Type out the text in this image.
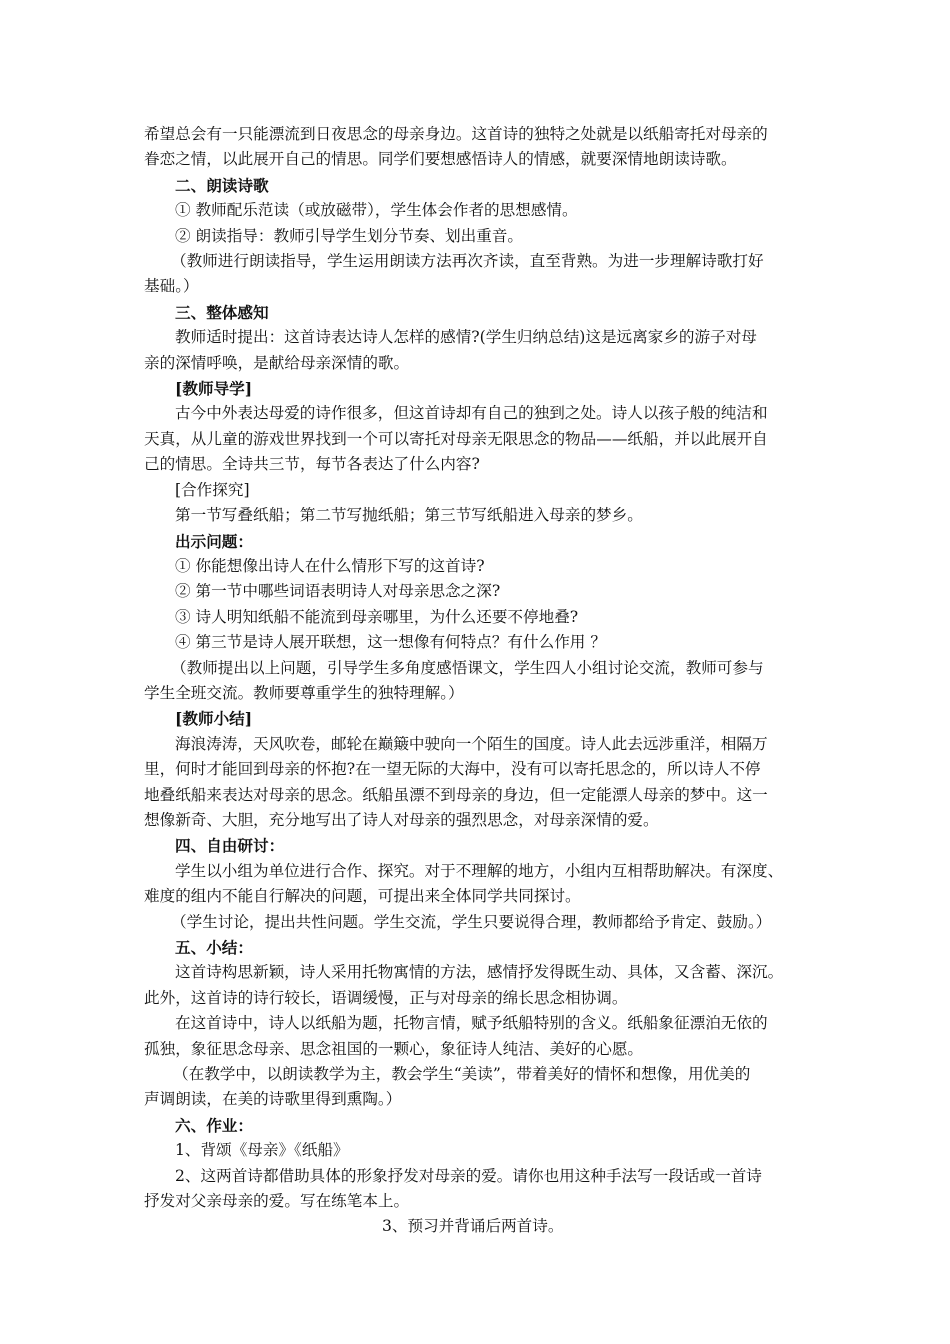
希望总会有一只能漂流到日夜思念的母亲身边。这首诗的独特之处就是以纸船寄托对母亲的

眷恋之情，以此展开自己的情思。同学们要想感悟诗人的情感，就要深情地朗读诗歌。

二、朗读诗歌

① 教师配乐范读（或放磁带），学生体会作者的思想感情。

② 朗读指导：教师引导学生划分节奏、划出重音。

（教师进行朗读指导，学生运用朗读方法再次齐读，直至背熟。为进一步理解诗歌打好

基础。）

三、整体感知

教师适时提出：这首诗表达诗人怎样的感情?(学生归纳总结)这是远离家乡的游子对母

亲的深情呼唤，是献给母亲深情的歌。

[教师导学]

古今中外表达母爱的诗作很多，但这首诗却有自己的独到之处。诗人以孩子般的纯洁和

天真，从儿童的游戏世界找到一个可以寄托对母亲无限思念的物品——纸船，并以此展开自

己的情思。全诗共三节，每节各表达了什么内容?

[合作探究]

第一节写叠纸船；第二节写抛纸船；第三节写纸船进入母亲的梦乡。

出示问题：

① 你能想像出诗人在什么情形下写的这首诗?

② 第一节中哪些词语表明诗人对母亲思念之深?

③ 诗人明知纸船不能流到母亲哪里，为什么还要不停地叠?

④ 第三节是诗人展开联想，这一想像有何特点？有什么作用 ？

（教师提出以上问题，引导学生多角度感悟课文，学生四人小组讨论交流，教师可参与

学生全班交流。教师要尊重学生的独特理解。）

[教师小结]

海浪涛涛，天风吹卷，邮轮在巅簸中驶向一个陌生的国度。诗人此去远涉重洋，相隔万

里，何时才能回到母亲的怀抱?在一望无际的大海中，没有可以寄托思念的，所以诗人不停

地叠纸船来表达对母亲的思念。纸船虽漂不到母亲的身边，但一定能漂人母亲的梦中。这一

想像新奇、大胆，充分地写出了诗人对母亲的强烈思念，对母亲深情的爱。

四、自由研讨：

学生以小组为单位进行合作、探究。对于不理解的地方，小组内互相帮助解决。有深度、

难度的组内不能自行解决的问题，可提出来全体同学共同探讨。

（学生讨论，提出共性问题。学生交流，学生只要说得合理，教师都给予肯定、鼓励。）

五、小结：

这首诗构思新颖，诗人采用托物寓情的方法，感情抒发得既生动、具体，又含蓄、深沉。

此外，这首诗的诗行较长，语调缓慢，正与对母亲的绵长思念相协调。

在这首诗中，诗人以纸船为题，托物言情，赋予纸船特别的含义。纸船象征漂泊无依的

孤独，象征思念母亲、思念祖国的一颗心，象征诗人纯洁、美好的心愿。

（在教学中，以朗读教学为主，教会学生“美读”，带着美好的情怀和想像，用优美的

声调朗读，在美的诗歌里得到熏陶。）

六、作业：

1、背颂《母亲》《纸船》

2、这两首诗都借助具体的形象抒发对母亲的爱。请你也用这种手法写一段话或一首诗

抒发对父亲母亲的爱。写在练笔本上。

3、预习并背诵后两首诗。
